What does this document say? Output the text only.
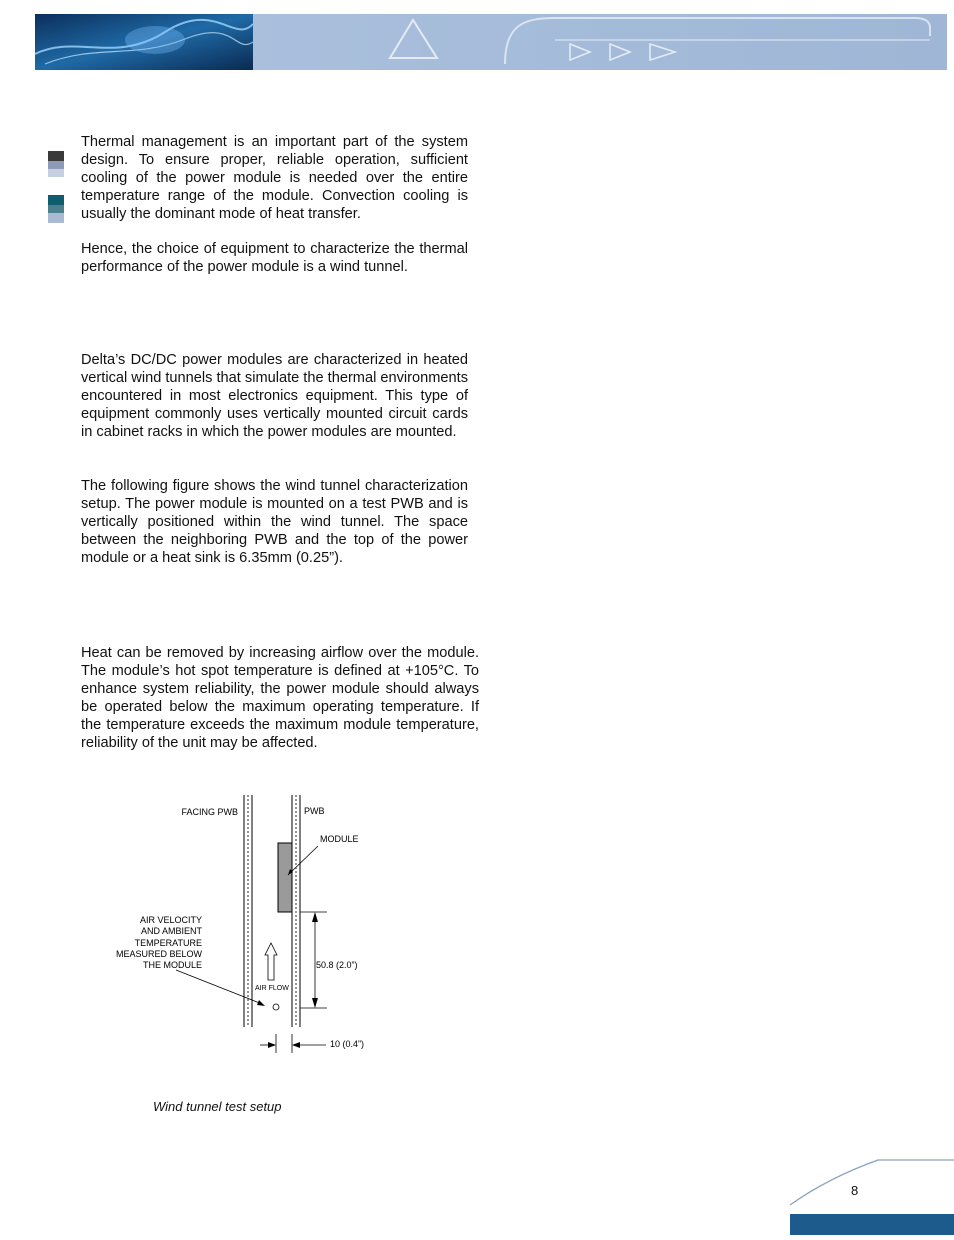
Thermal management is an important part of the system design. To ensure proper, reliable operation, sufficient cooling of the power module is needed over the entire temperature range of the module. Convection cooling is usually the dominant mode of heat transfer.

Hence, the choice of equipment to characterize the thermal performance of the power module is a wind tunnel.

Delta’s DC/DC power modules are characterized in heated vertical wind tunnels that simulate the thermal environments encountered in most electronics equipment. This type of equipment commonly uses vertically mounted circuit cards in cabinet racks in which the power modules are mounted.

The following figure shows the wind tunnel characterization setup. The power module is mounted on a test PWB and is vertically positioned within the wind tunnel. The space between the neighboring PWB and the top of the power module or a heat sink is 6.35mm (0.25”).

Heat can be removed by increasing airflow over the module. The module’s hot spot temperature is defined at +105°C. To enhance system reliability, the power module should always be operated below the maximum operating temperature. If the temperature exceeds the maximum module temperature, reliability of the unit may be affected.

FACING PWB	PWB
MODULE
AIR VELOCITY
AND AMBIENT
TEMPERATURE
MEASURED BELOW
THE MODULE
AIR FLOW
50.8 (2.0”)
10 (0.4”)
Wind tunnel test setup
8
